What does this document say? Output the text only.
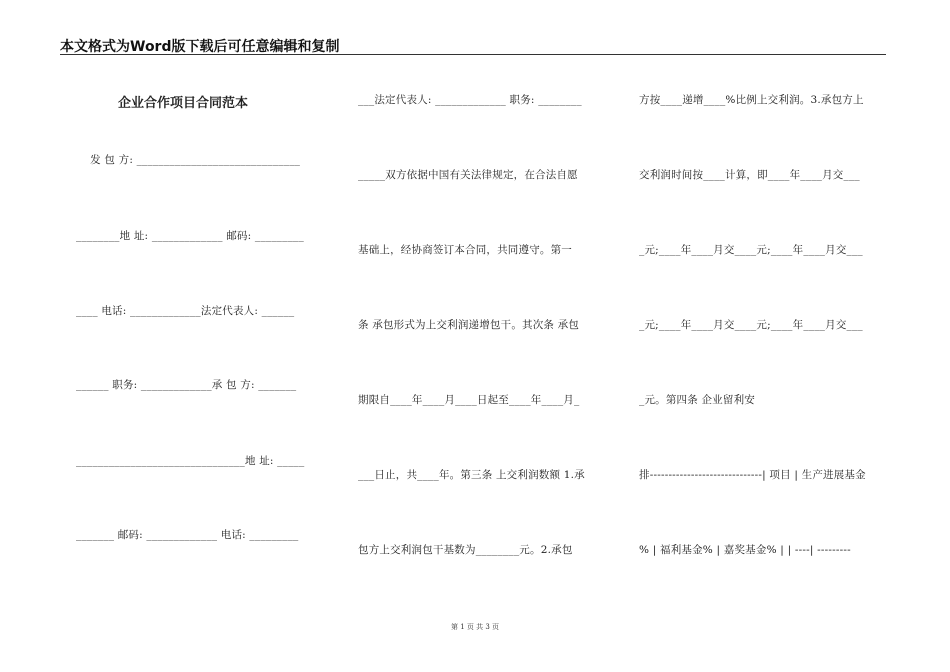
本文格式为Word版下载后可任意编辑和复制
企业合作项目合同范本
发 包 方: ______________________________
________地 址: _____________ 邮码: _________
____ 电话: _____________法定代表人: ______
______ 职务: _____________承 包 方: _______
_______________________________地 址: _____
_______ 邮码: _____________ 电话: _________
___法定代表人: _____________ 职务: ________
_____双方依据中国有关法律规定，在合法自愿
基础上，经协商签订本合同，共同遵守。第一
条 承包形式为上交利润递增包干。其次条 承包
期限自____年____月____日起至____年____月_
___日止，共____年。第三条 上交利润数额 1.承
包方上交利润包干基数为________元。2.承包
方按____递增____%比例上交利润。3.承包方上
交利润时间按____计算，即____年____月交___
_元;____年____月交____元;____年____月交___
_元;____年____月交____元;____年____月交___
_元。第四条 企业留利安
排------------------------------| 项目 | 生产进展基金
% | 福利基金% | 嘉奖基金% | | ----| ---------
第 1 页 共 3 页
